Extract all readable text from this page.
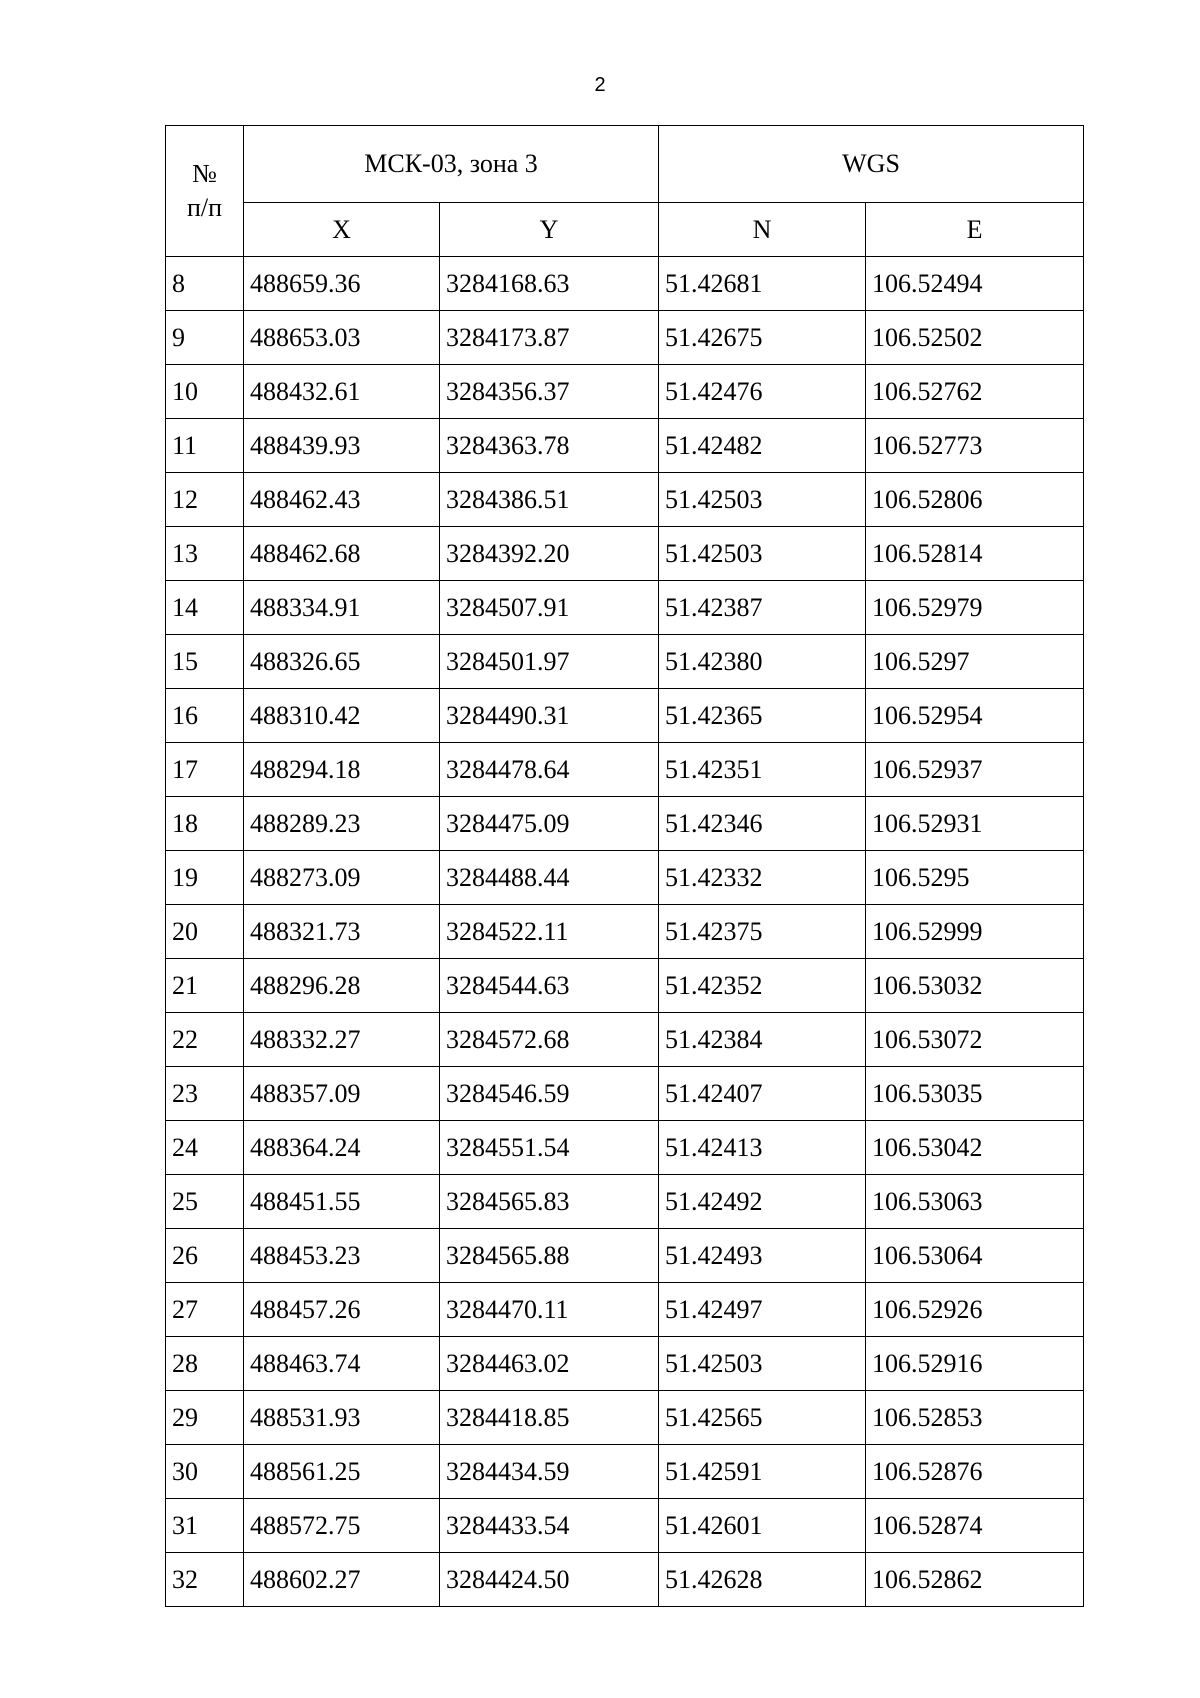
2
№
п/п	МСК-03, зона 3		WGS	
	X	Y	N	E
8	488659.36	3284168.63	51.42681	106.52494
9	488653.03	3284173.87	51.42675	106.52502
10	488432.61	3284356.37	51.42476	106.52762
11	488439.93	3284363.78	51.42482	106.52773
12	488462.43	3284386.51	51.42503	106.52806
13	488462.68	3284392.20	51.42503	106.52814
14	488334.91	3284507.91	51.42387	106.52979
15	488326.65	3284501.97	51.42380	106.5297
16	488310.42	3284490.31	51.42365	106.52954
17	488294.18	3284478.64	51.42351	106.52937
18	488289.23	3284475.09	51.42346	106.52931
19	488273.09	3284488.44	51.42332	106.5295
20	488321.73	3284522.11	51.42375	106.52999
21	488296.28	3284544.63	51.42352	106.53032
22	488332.27	3284572.68	51.42384	106.53072
23	488357.09	3284546.59	51.42407	106.53035
24	488364.24	3284551.54	51.42413	106.53042
25	488451.55	3284565.83	51.42492	106.53063
26	488453.23	3284565.88	51.42493	106.53064
27	488457.26	3284470.11	51.42497	106.52926
28	488463.74	3284463.02	51.42503	106.52916
29	488531.93	3284418.85	51.42565	106.52853
30	488561.25	3284434.59	51.42591	106.52876
31	488572.75	3284433.54	51.42601	106.52874
32	488602.27	3284424.50	51.42628	106.52862
